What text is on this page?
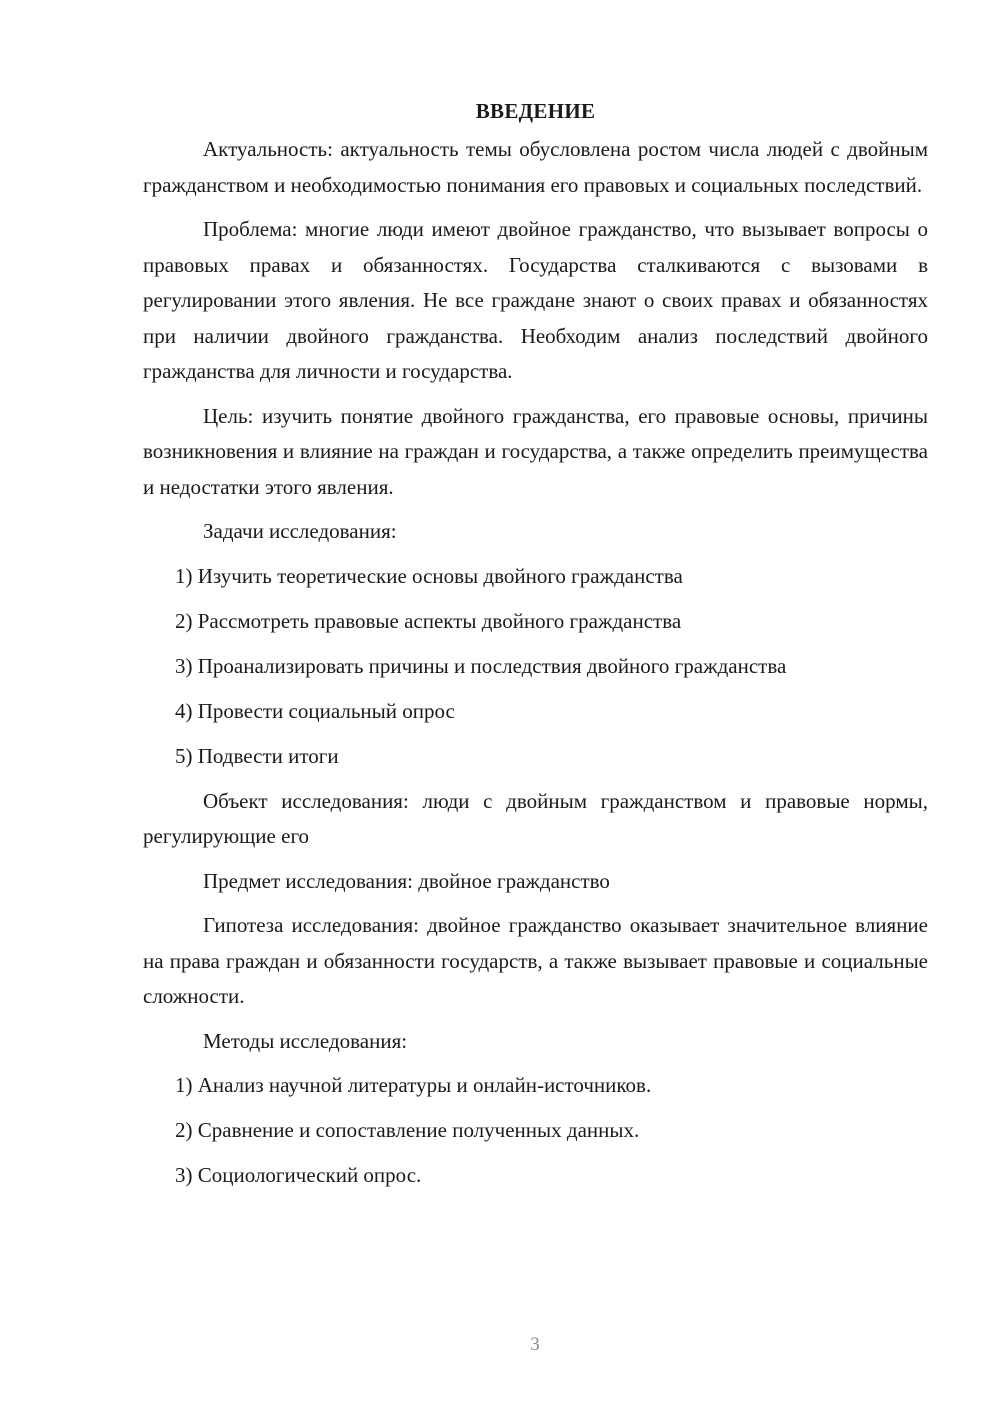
ВВЕДЕНИЕ

Актуальность: актуальность темы обусловлена ростом числа людей с двойным гражданством и необходимостью понимания его правовых и социальных последствий.

Проблема: многие люди имеют двойное гражданство, что вызывает вопросы о правовых правах и обязанностях. Государства сталкиваются с вызовами в регулировании этого явления. Не все граждане знают о своих правах и обязанностях при наличии двойного гражданства. Необходим анализ последствий двойного гражданства для личности и государства.

Цель: изучить понятие двойного гражданства, его правовые основы, причины возникновения и влияние на граждан и государства, а также определить преимущества и недостатки этого явления.

Задачи исследования:

1) Изучить теоретические основы двойного гражданства
2) Рассмотреть правовые аспекты двойного гражданства
3) Проанализировать причины и последствия двойного гражданства
4) Провести социальный опрос
5) Подвести итоги

Объект исследования: люди с двойным гражданством и правовые нормы, регулирующие его

Предмет исследования: двойное гражданство

Гипотеза исследования: двойное гражданство оказывает значительное влияние на права граждан и обязанности государств, а также вызывает правовые и социальные сложности.

Методы исследования:

1) Анализ научной литературы и онлайн-источников.
2) Сравнение и сопоставление полученных данных.
3) Социологический опрос.
3
